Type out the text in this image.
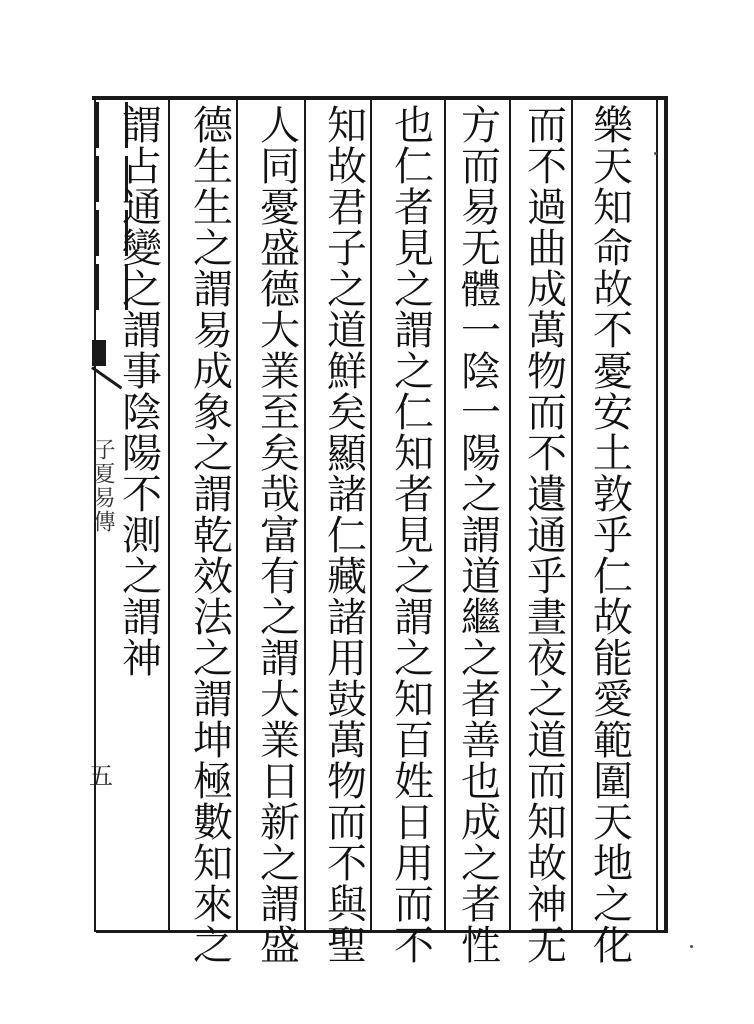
子夏易傳
五
樂
天
知
命
故
不
憂
安
土
敦
乎
仁
故
能
愛
範
圍
天
地
之
化
而
不
過
曲
成
萬
物
而
不
遺
通
乎
晝
夜
之
道
而
知
故
神
无
方
而
易
无
體
一
陰
一
陽
之
謂
道
繼
之
者
善
也
成
之
者
性
也
仁
者
見
之
謂
之
仁
知
者
見
之
謂
之
知
百
姓
日
用
而
不
知
故
君
子
之
道
鮮
矣
顯
諸
仁
藏
諸
用
鼓
萬
物
而
不
與
聖
人
同
憂
盛
德
大
業
至
矣
哉
富
有
之
謂
大
業
日
新
之
謂
盛
德
生
生
之
謂
易
成
象
之
謂
乾
效
法
之
謂
坤
極
數
知
來
之
謂
占
通
變
之
謂
事
陰
陽
不
測
之
謂
神
